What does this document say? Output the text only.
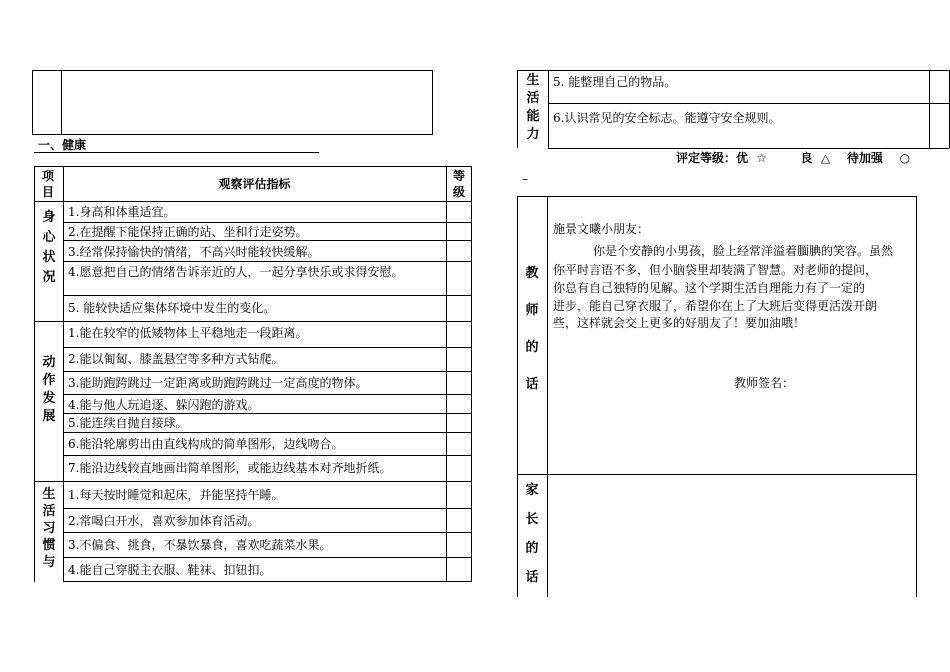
一、健康
项目
观察评估指标
等级
1.身高和体重适宜。
2.在提醒下能保持正确的站、坐和行走姿势。
3.经常保持愉快的情绪，不高兴时能较快缓解。
4.愿意把自己的情绪告诉亲近的人，一起分享快乐或求得安慰。
5. 能较快适应集体环境中发生的变化。
身心状况
1.能在较窄的低矮物体上平稳地走一段距离。
2.能以匍匐、膝盖悬空等多种方式钻爬。
3.能助跑跨跳过一定距离或助跑跨跳过一定高度的物体。
4.能与他人玩追逐、躲闪跑的游戏。
5.能连续自抛自接球。
6.能沿轮廓剪出由直线构成的简单图形，边线吻合。
7.能沿边线较直地画出简单图形，或能边线基本对齐地折纸。
动作发展
1.每天按时睡觉和起床，并能坚持午睡。
2.常喝白开水，喜欢参加体育活动。
3.不偏食、挑食，不暴饮暴食，喜欢吃蔬菜水果。
4.能自己穿脱主衣服、鞋袜、扣钮扣。
生活习惯与
生活能力
5. 能整理自己的物品。
6.认识常见的安全标志。能遵守安全规则。
评定等级：优  ☆        良  △    待加强    ○
–
教师的话
施景文曦小朋友：
你是个安静的小男孩，脸上经常洋溢着腼腆的笑容。虽然
你平时言语不多，但小脑袋里却装满了智慧。对老师的提问，
你总有自己独特的见解。这个学期生活自理能力有了一定的
进步，能自己穿衣服了，希望你在上了大班后变得更活泼开朗
些，这样就会交上更多的好朋友了！要加油哦！
教师签名：
家长的话
